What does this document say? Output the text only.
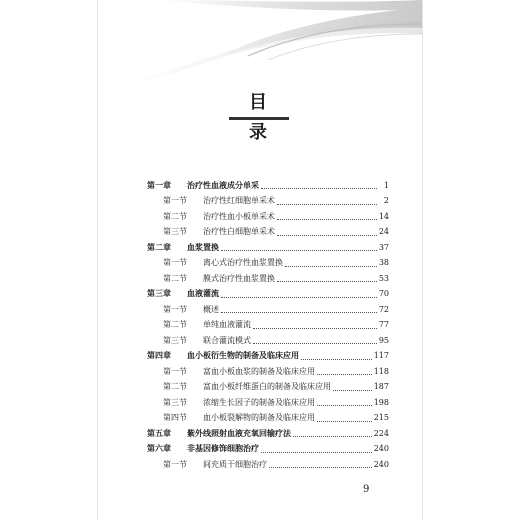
目录
第一章	治疗性血液成分单采	1
第一节	治疗性红细胞单采术	2
第二节	治疗性血小板单采术	14
第三节	治疗性白细胞单采术	24
第二章	血浆置换	37
第一节	离心式治疗性血浆置换	38
第二节	膜式治疗性血浆置换	53
第三章	血液灌流	70
第一节	概述	72
第二节	单纯血液灌流	77
第三节	联合灌流模式	95
第四章	血小板衍生物的制备及临床应用	117
第一节	富血小板血浆的制备及临床应用	118
第二节	富血小板纤维蛋白的制备及临床应用	187
第三节	浓缩生长因子的制备及临床应用	198
第四节	血小板裂解物的制备及临床应用	215
第五章	紫外线照射血液充氧回输疗法	224
第六章	非基因修饰细胞治疗	240
第一节	间充质干细胞治疗	240
9
